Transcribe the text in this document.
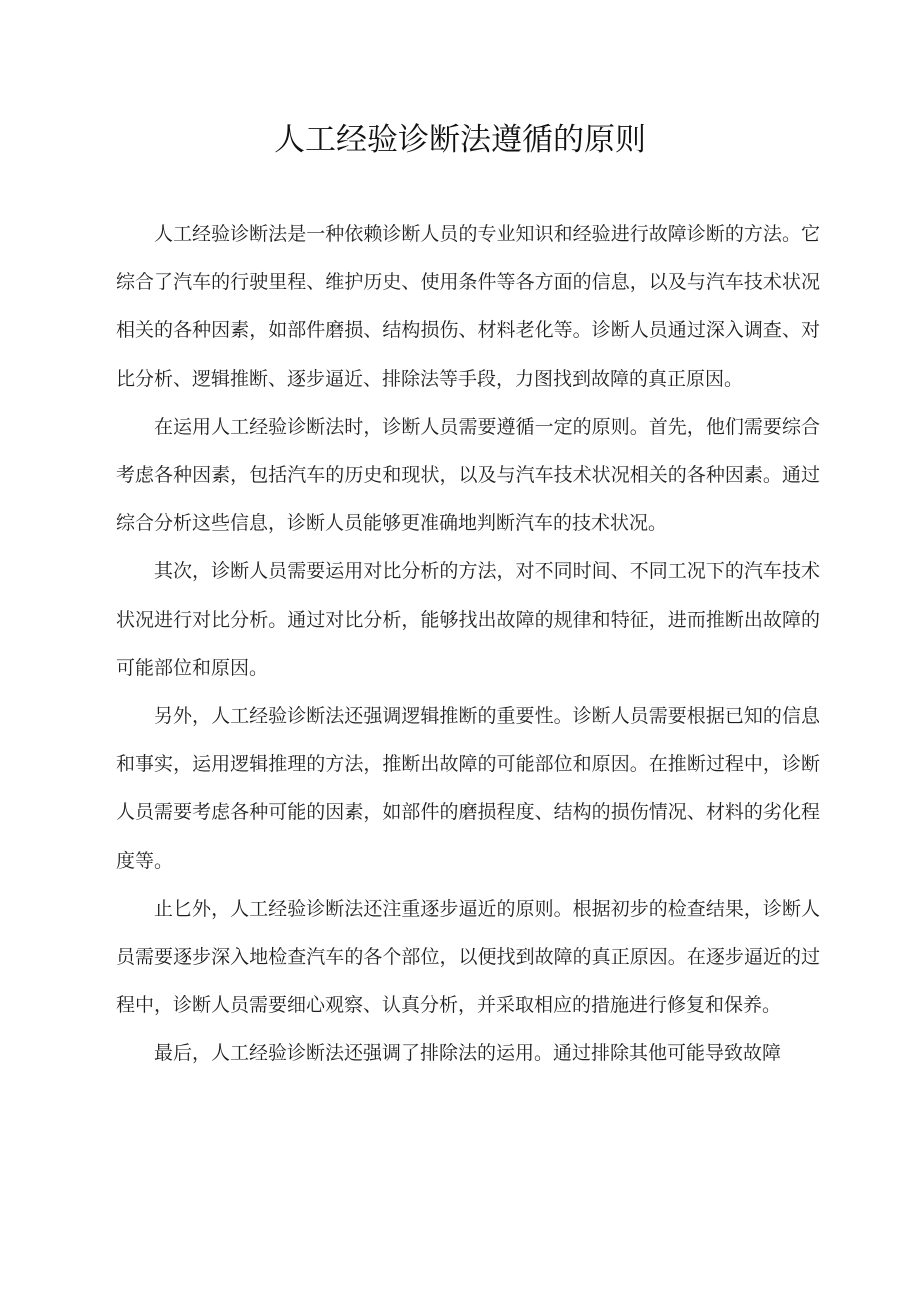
人工经验诊断法遵循的原则

人工经验诊断法是一种依赖诊断人员的专业知识和经验进行故障诊断的方法。它综合了汽车的行驶里程、维护历史、使用条件等各方面的信息，以及与汽车技术状况相关的各种因素，如部件磨损、结构损伤、材料老化等。诊断人员通过深入调查、对比分析、逻辑推断、逐步逼近、排除法等手段，力图找到故障的真正原因。

在运用人工经验诊断法时，诊断人员需要遵循一定的原则。首先，他们需要综合考虑各种因素，包括汽车的历史和现状，以及与汽车技术状况相关的各种因素。通过综合分析这些信息，诊断人员能够更准确地判断汽车的技术状况。

其次，诊断人员需要运用对比分析的方法，对不同时间、不同工况下的汽车技术状况进行对比分析。通过对比分析，能够找出故障的规律和特征，进而推断出故障的可能部位和原因。

另外，人工经验诊断法还强调逻辑推断的重要性。诊断人员需要根据已知的信息和事实，运用逻辑推理的方法，推断出故障的可能部位和原因。在推断过程中，诊断人员需要考虑各种可能的因素，如部件的磨损程度、结构的损伤情况、材料的劣化程度等。

止匕外，人工经验诊断法还注重逐步逼近的原则。根据初步的检查结果，诊断人员需要逐步深入地检查汽车的各个部位，以便找到故障的真正原因。在逐步逼近的过程中，诊断人员需要细心观察、认真分析，并采取相应的措施进行修复和保养。

最后，人工经验诊断法还强调了排除法的运用。通过排除其他可能导致故障
